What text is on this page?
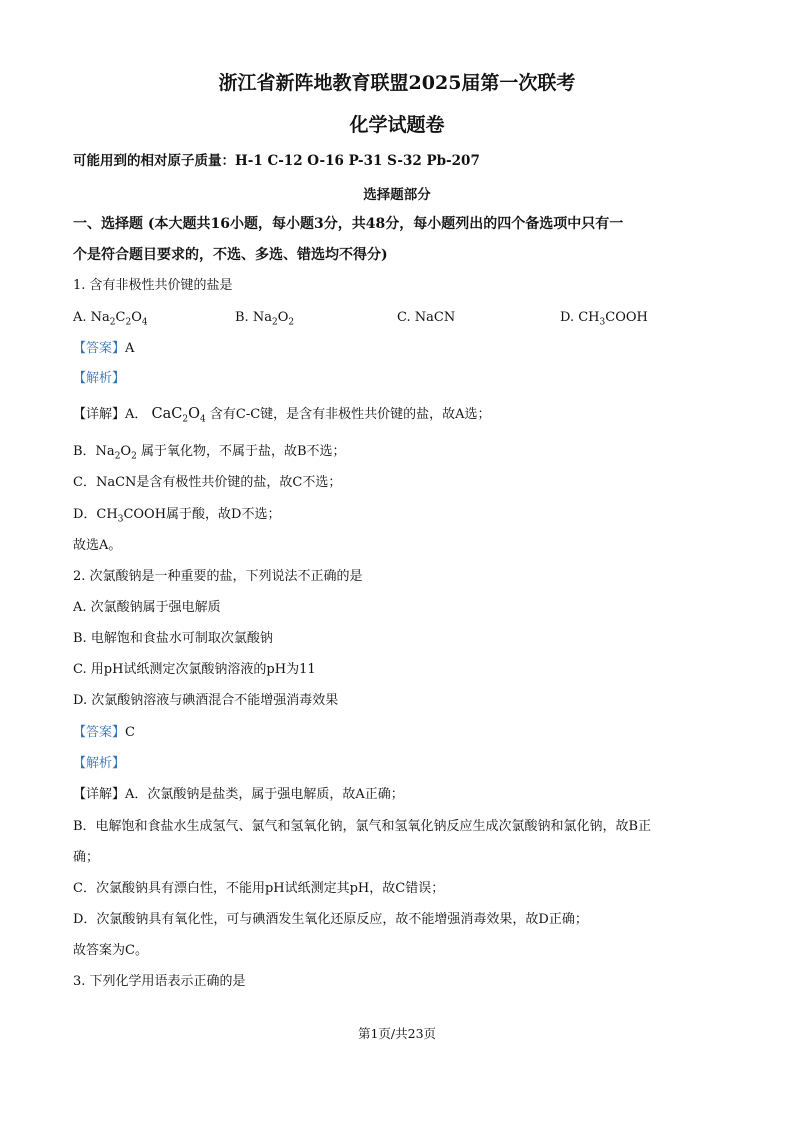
浙江省新阵地教育联盟2025届第一次联考
化学试题卷
可能用到的相对原子质量：H-1 C-12 O-16 P-31 S-32 Pb-207
选择题部分
一、选择题 (本大题共16小题，每小题3分，共48分，每小题列出的四个备选项中只有一
个是符合题目要求的，不选、多选、错选均不得分)
1. 含有非极性共价键的盐是
A. $Na_2C_2O_4$	B. $Na_2O_2$	C. NaCN	D. $CH_3COOH$
【答案】A
【解析】
【详解】A． $CaC_2O_4$ 含有C-C键，是含有非极性共价键的盐，故A选；
B．$Na_2O_2$ 属于氧化物，不属于盐，故B不选；
C．NaCN是含有极性共价键的盐，故C不选；
D．$CH_3COOH$属于酸，故D不选；
故选A。
2. 次氯酸钠是一种重要的盐，下列说法不正确的是
A. 次氯酸钠属于强电解质
B. 电解饱和食盐水可制取次氯酸钠
C. 用pH试纸测定次氯酸钠溶液的pH为11
D. 次氯酸钠溶液与碘酒混合不能增强消毒效果
【答案】C
【解析】
【详解】A．次氯酸钠是盐类，属于强电解质，故A正确；
B．电解饱和食盐水生成氢气、氯气和氢氧化钠，氯气和氢氧化钠反应生成次氯酸钠和氯化钠，故B正
确；
C．次氯酸钠具有漂白性，不能用pH试纸测定其pH，故C错误；
D．次氯酸钠具有氧化性，可与碘酒发生氧化还原反应，故不能增强消毒效果，故D正确；
故答案为C。
3. 下列化学用语表示正确的是
第1页/共23页
